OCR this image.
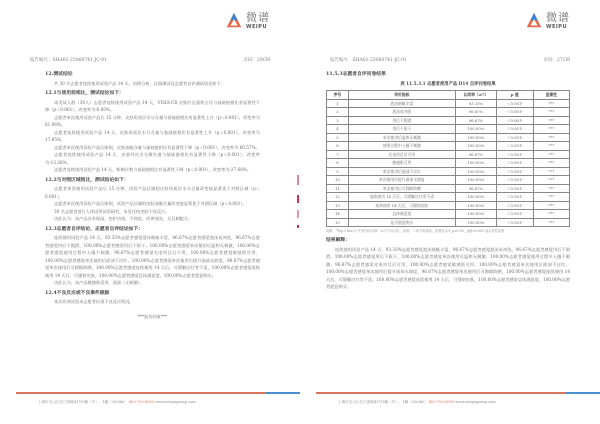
微谱
WEIPU
报告编号：SHA01-23060741-JC-01	页码：29/39
12.测试结论

共 30 名志愿者连续使用试验产品 14 天，回馈分析，仪器测试及志愿者自评测试结论如下：

12.1与使用前相比，测试结论如下：

本受试人群（30人）志愿者连续使用试验产品 14 天，VISIA-CR 皮肤红区面积占比与基础值相比有显著性下降（p＜0.001），改变率为-6.00%。

志愿者单次使用试验产品后 15 分钟，皮肤角质层水分含量与基础值相比有显著性上升（p＜0.001），改变率为 61.96%。

志愿者连续使用试验产品 14 天，皮肤角质层水分含量与基础值相比有显著性上升（p＜0.001），改变率为 17.85%。

志愿者单次使用试验产品后即刻，皮肤油脂含量与基础值相比有显著性下降（p＜0.001），改变率为 60.57%。

志愿者连续使用试验产品 14 天，皮肤经皮水分散失值与基础值相比有显著性下降（p＜0.001），改变率为-13.26%。

志愿者连续使用试验产品 14 天，粉刺计数与基础值相比有显著性下降（p＜0.001），改变率为-27.68%。

12.2与对照区域相比，测试结论如下：

志愿者单次使用试验产品后 15 分钟，试验产品区域的皮肤角质层水分含量改变值显著优于对照区域（p＜0.001）。

志愿者单次使用试验产品后即刻，试验产品区域的皮肤油脂含量改变值显著优于对照区域（p＜0.001）。

30 名志愿者进行人体试用试验研究，未见任何皮肤不良反应。

由此认为：该产品具有保湿、控护功效，不致痘，改善油光，无目刺配方。

12.3志愿者自评结论，志愿者自评结论如下：

连续使用试验产品 14 天，93.33%志愿者感觉泡沫细腻丰富，96.67%志愿者感觉泡沫易冲洗，96.67%志愿者感觉用后不假滑，100.00%志愿者感觉用后不拔干，100.00%志愿者感觉单次使用后温和无刺激，100.00%志愿者感觉使用过程中入眼不刺激，96.67%志愿者感觉光电项目后可用，100.00%志愿者感觉敏感肌可用，100.00%志愿者感觉单次使用后面部不泛红，100.00%志愿者感觉单次使用后提升面部水润度，96.67%志愿者感觉单次使用后可卸除防晒，100.00%志愿者感觉连续使用 14 天后，可缓解泛红等不适，100.00%志愿者感觉连续使用 14 天后，可强韧皮肤，100.00%志愿者感觉总体满意度，100.00%志愿者愿意购买。

由此认为，该产品敏感肌适用，面部（无刺激）。

12.4不良反应或不良事件跟踪

本次功效试验未志愿者出现不良反应情况。

***报告结束***
上海市宝山区长江西路41号3幢（中）、1幢（2004#） 400-700-8065 www.weipugroup.com
微谱
WEIPU
报告编号：SHA01-23060741-JC-01	页码：27/39
11.5.3志愿者自评问卷结果
表 11.5.3.1 志愿者使用产品 D14 自评问卷结果
序号	评价指标	认同率（≥7）	p 值	显著性
1	泡沫细腻丰富	93.33%	＜0.001ᵃ	***
2	泡沫易冲洗	96.67%	＜0.001ᵃ	***
3	用后不假滑	96.67%	＜0.001ᵃ	***
4	用后不拔干	100.00%	＜0.001ᵃ	***
5	单次使用后温和无刺激	100.00%	＜0.001ᵃ	***
6	使用过程中入眼不刺激	100.00%	＜0.001ᵃ	***
7	光电项目后可用	96.67%	＜0.001ᵃ	***
8	敏感肌可用	100.00%	＜0.001ᵃ	***
9	单次使用后面部不泛红	100.00%	＜0.001ᵃ	***
10	单次使用后提升面部水润度	100.00%	＜0.001ᵃ	***
11	单次使用后可卸除防晒	96.67%	＜0.001ᵃ	***
12	连续使用 14 天后，可缓解泛红等不适	100.00%	＜0.001ᵃ	***
13	连续使用 14 天后，可强韧皮肤	100.00%	＜0.001ᵃ	***
14	总体满意度	100.00%	＜0.001ᵃ	***
15	是否愿意购买	100.00%	＜0.001ᵃ	***
说明：*Top 2 box 计分*意为认同率（≥7分为认同）；检验：二项分布检验，显著性水平 p≤0.05，p值<0.001 表示差异显著
结果解释：

连续使用试验产品 14 天，93.33%志愿者感觉泡沫细腻丰富，96.67%志愿者感觉泡沫易冲洗，96.67%志愿者感觉用后不假滑，100.00%志愿者感觉用后不拔干，100.00%志愿者感觉单次使用后温和无刺激，100.00%志愿者感觉使用过程中入眼不刺激，96.67%志愿者感觉光电项目后可用，100.00%志愿者感觉敏感肌可用，100.00%志愿者感觉单次使用后面部不泛红，100.00%志愿者感觉单次使用后提升面部水润度，96.67%志愿者感觉单次使用后可卸除防晒，100.00%志愿者感觉连续使用 14 天后，可缓解泛红等不适，100.00%志愿者感觉连续使用 14 天后，可强韧皮肤，100.00%志愿者感觉总体满意度，100.00%志愿者愿意购买。

上海市宝山区长江西路41号3幢（中）、1幢（2004#） 400-700-8065 www.weipugroup.com
